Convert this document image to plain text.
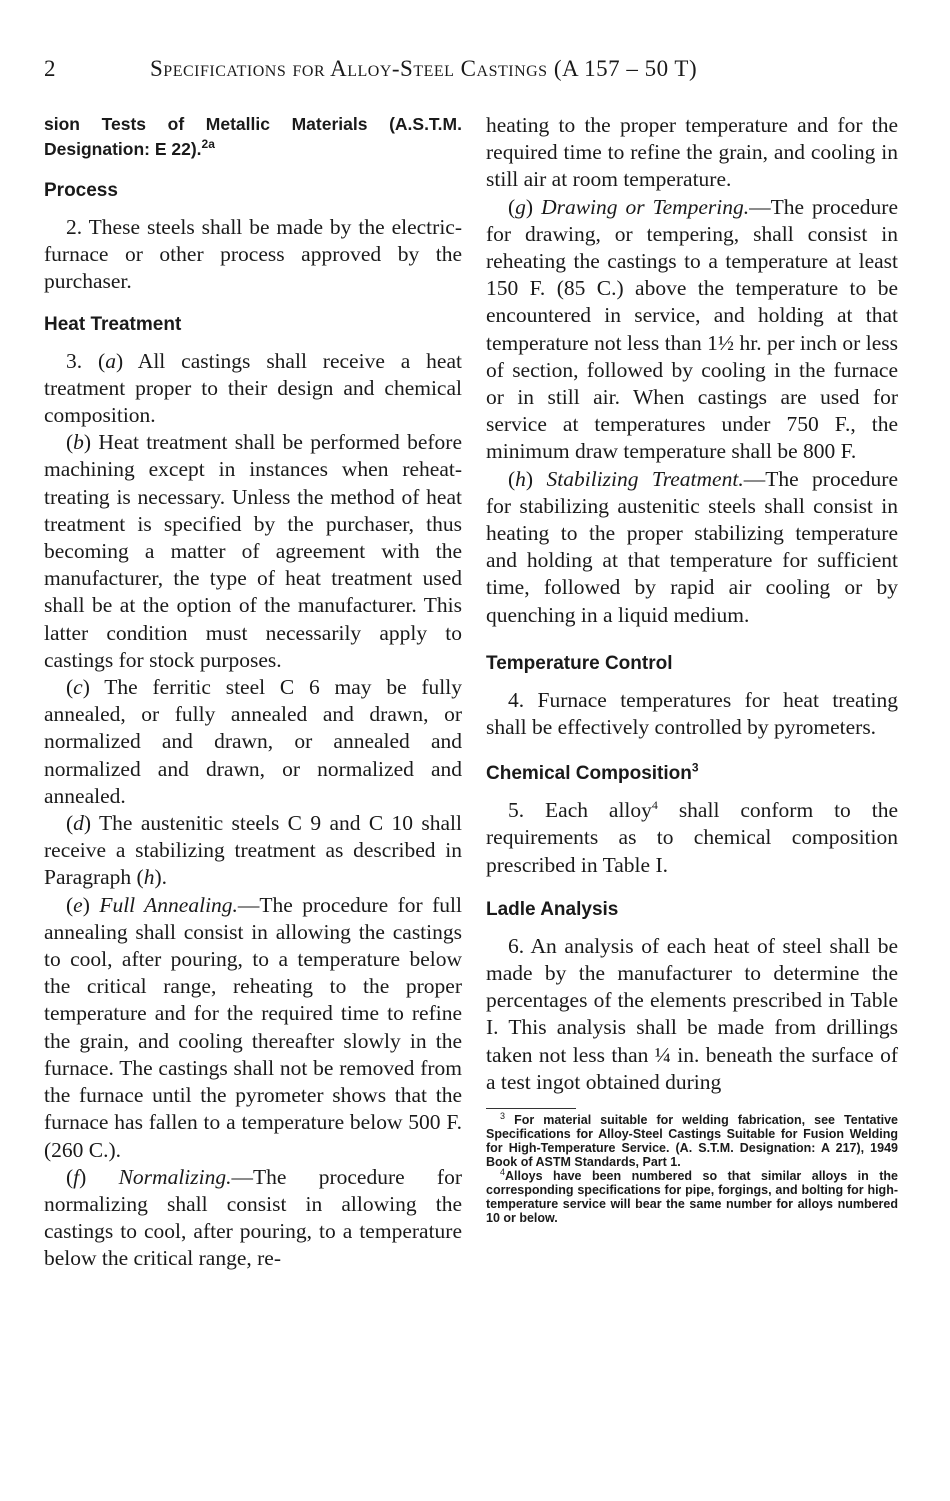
2	Specifications for Alloy-Steel Castings (A 157 – 50 T)

sion Tests of Metallic Materials (A.S.T.M. Designation: E 22).$^{2a}$

Process

2. These steels shall be made by the electric-furnace or other process approved by the purchaser.

Heat Treatment

3. (a) All castings shall receive a heat treatment proper to their design and chemical composition.

(b) Heat treatment shall be performed before machining except in instances when reheat-treating is necessary. Unless the method of heat treatment is specified by the purchaser, thus becoming a matter of agreement with the manufacturer, the type of heat treatment used shall be at the option of the manufacturer. This latter condition must necessarily apply to castings for stock purposes.

(c) The ferritic steel C 6 may be fully annealed, or fully annealed and drawn, or normalized and drawn, or annealed and normalized and drawn, or normalized and annealed.

(d) The austenitic steels C 9 and C 10 shall receive a stabilizing treatment as described in Paragraph (h).

(e) Full Annealing.—The procedure for full annealing shall consist in allowing the castings to cool, after pouring, to a temperature below the critical range, reheating to the proper temperature and for the required time to refine the grain, and cooling thereafter slowly in the furnace. The castings shall not be removed from the furnace until the pyrometer shows that the furnace has fallen to a temperature below 500 F. (260 C.).

(f) Normalizing.—The procedure for normalizing shall consist in allowing the castings to cool, after pouring, to a temperature below the critical range, re-

heating to the proper temperature and for the required time to refine the grain, and cooling in still air at room temperature.

(g) Drawing or Tempering.—The procedure for drawing, or tempering, shall consist in reheating the castings to a temperature at least 150 F. (85 C.) above the temperature to be encountered in service, and holding at that temperature not less than 1½ hr. per inch or less of section, followed by cooling in the furnace or in still air. When castings are used for service at temperatures under 750 F., the minimum draw temperature shall be 800 F.

(h) Stabilizing Treatment.—The procedure for stabilizing austenitic steels shall consist in heating to the proper stabilizing temperature and holding at that temperature for sufficient time, followed by rapid air cooling or by quenching in a liquid medium.

Temperature Control

4. Furnace temperatures for heat treating shall be effectively controlled by pyrometers.

Chemical Composition$^3$

5. Each alloy$^4$ shall conform to the requirements as to chemical composition prescribed in Table I.

Ladle Analysis

6. An analysis of each heat of steel shall be made by the manufacturer to determine the percentages of the elements prescribed in Table I. This analysis shall be made from drillings taken not less than ¼ in. beneath the surface of a test ingot obtained during

$^3$ For material suitable for welding fabrication, see Tentative Specifications for Alloy-Steel Castings Suitable for Fusion Welding for High-Temperature Service. (A. S.T.M. Designation: A 217), 1949 Book of ASTM Standards, Part 1.

$^4$Alloys have been numbered so that similar alloys in the corresponding specifications for pipe, forgings, and bolting for high-temperature service will bear the same number for alloys numbered 10 or below.
